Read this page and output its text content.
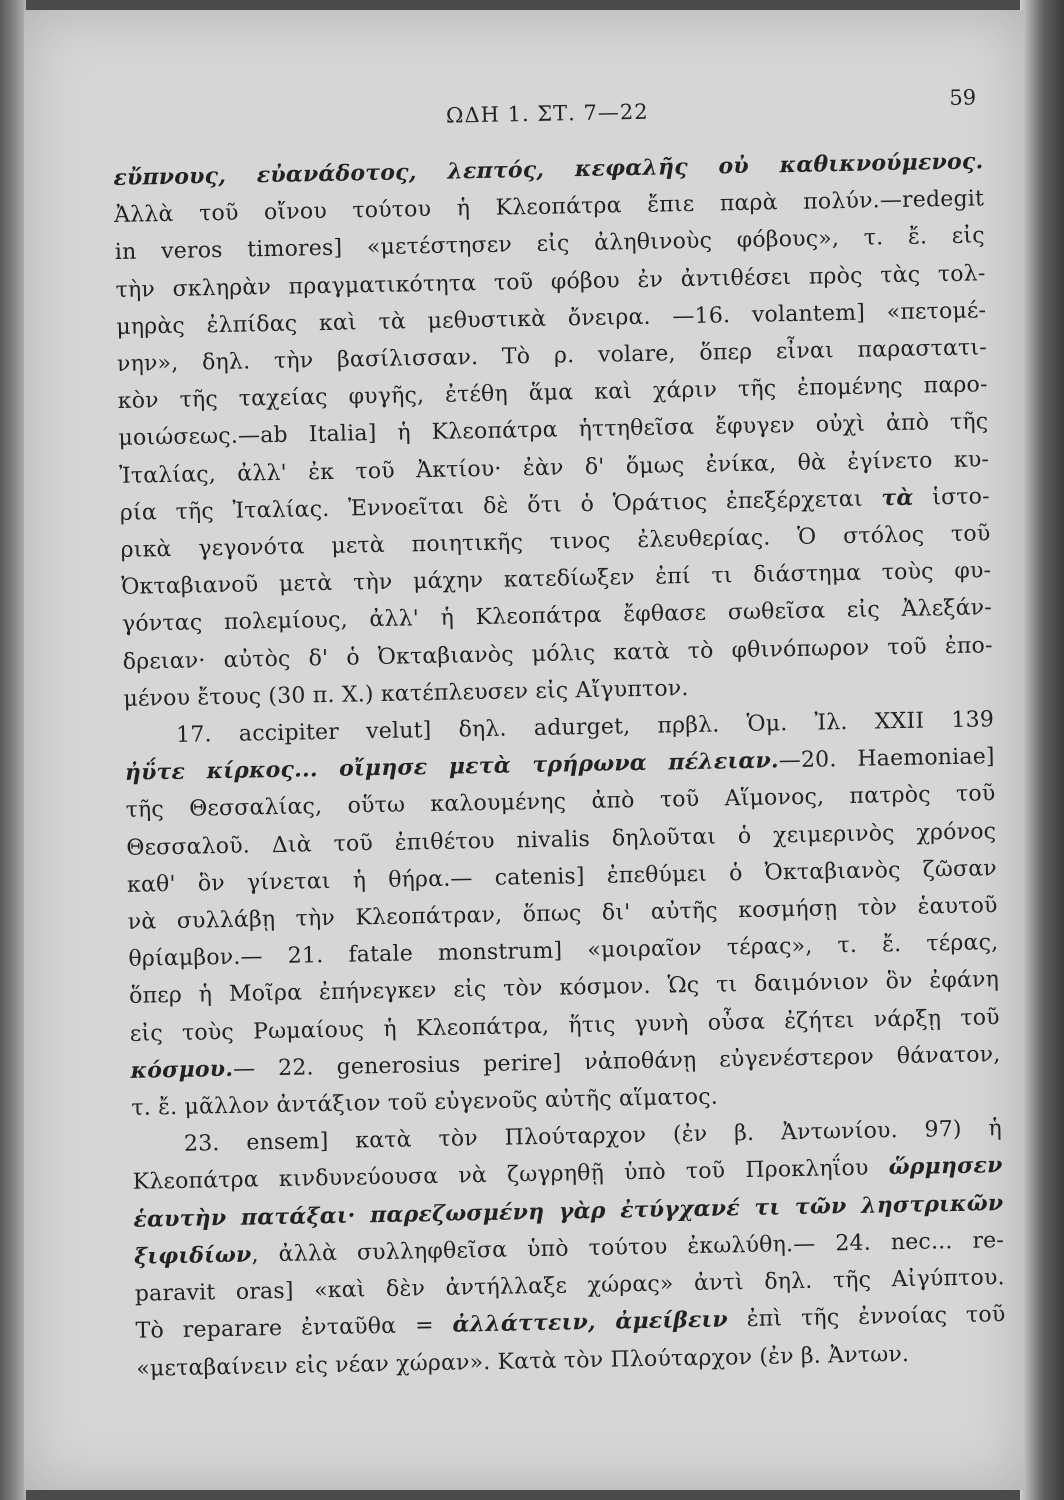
ΩΔΗ 1. ΣΤ. 7—22
59
εὔπνους, εὐανάδοτος, λεπτός, κεφαλῆς οὐ καθικνούμενος.
Ἀλλὰ τοῦ οἴνου τούτου ἡ Κλεοπάτρα ἔπιε παρὰ πολύν.—redegit
in veros timores] «μετέστησεν εἰς ἀληθινοὺς φόβους», τ. ἔ. εἰς
τὴν σκληρὰν πραγματικότητα τοῦ φόβου ἐν ἀντιθέσει πρὸς τὰς τολ-
μηρὰς ἐλπίδας καὶ τὰ μεθυστικὰ ὄνειρα. —16. volantem] «πετομέ-
νην», δηλ. τὴν βασίλισσαν. Τὸ ρ. volare, ὅπερ εἶναι παραστατι-
κὸν τῆς ταχείας φυγῆς, ἐτέθη ἅμα καὶ χάριν τῆς ἐπομένης παρο-
μοιώσεως.—ab Italia] ἡ Κλεοπάτρα ἡττηθεῖσα ἔφυγεν οὐχὶ ἀπὸ τῆς
Ἰταλίας, ἀλλ' ἐκ τοῦ Ἀκτίου· ἐὰν δ' ὅμως ἐνίκα, θὰ ἐγίνετο κυ-
ρία τῆς Ἰταλίας. Ἐννοεῖται δὲ ὅτι ὁ Ὁράτιος ἐπεξέρχεται τὰ ἱστο-
ρικὰ γεγονότα μετὰ ποιητικῆς τινος ἐλευθερίας. Ὁ στόλος τοῦ
Ὀκταβιανοῦ μετὰ τὴν μάχην κατεδίωξεν ἐπί τι διάστημα τοὺς φυ-
γόντας πολεμίους, ἀλλ' ἡ Κλεοπάτρα ἔφθασε σωθεῖσα εἰς Ἀλεξάν-
δρειαν· αὐτὸς δ' ὁ Ὀκταβιανὸς μόλις κατὰ τὸ φθινόπωρον τοῦ ἐπο-
μένου ἔτους (30 π. Χ.) κατέπλευσεν εἰς Αἴγυπτον.
17. accipiter velut] δηλ. adurget, πρβλ. Ὁμ. Ἰλ. XXII 139
ἠΰτε κίρκος... οἴμησε μετὰ τρήρωνα πέλειαν.—20. Haemoniae]
τῆς Θεσσαλίας, οὕτω καλουμένης ἀπὸ τοῦ Αἵμονος, πατρὸς τοῦ
Θεσσαλοῦ. Διὰ τοῦ ἐπιθέτου nivalis δηλοῦται ὁ χειμερινὸς χρόνος
καθ' ὃν γίνεται ἡ θήρα.— catenis] ἐπεθύμει ὁ Ὀκταβιανὸς ζῶσαν
νὰ συλλάβῃ τὴν Κλεοπάτραν, ὅπως δι' αὐτῆς κοσμήσῃ τὸν ἑαυτοῦ
θρίαμβον.— 21. fatale monstrum] «μοιραῖον τέρας», τ. ἔ. τέρας,
ὅπερ ἡ Μοῖρα ἐπήνεγκεν εἰς τὸν κόσμον. Ὡς τι δαιμόνιον ὃν ἐφάνη
εἰς τοὺς Ρωμαίους ἡ Κλεοπάτρα, ἥτις γυνὴ οὖσα ἐζήτει νάρξῃ τοῦ
κόσμου.— 22. generosius perire] νἀποθάνῃ εὐγενέστερον θάνατον,
τ. ἔ. μᾶλλον ἀντάξιον τοῦ εὐγενοῦς αὐτῆς αἵματος.
23. ensem] κατὰ τὸν Πλούταρχον (ἐν β. Ἀντωνίου. 97) ἡ
Κλεοπάτρα κινδυνεύουσα νὰ ζωγρηθῇ ὑπὸ τοῦ Προκληΐου ὥρμησεν
ἑαυτὴν πατάξαι· παρεζωσμένη γὰρ ἐτύγχανέ τι τῶν ληστρικῶν
ξιφιδίων, ἀλλὰ συλληφθεῖσα ὑπὸ τούτου ἐκωλύθη.— 24. nec... re-
paravit oras] «καὶ δὲν ἀντήλλαξε χώρας» ἀντὶ δηλ. τῆς Αἰγύπτου.
Τὸ reparare ἐνταῦθα = ἀλλάττειν, ἀμείβειν ἐπὶ τῆς ἐννοίας τοῦ
«μεταβαίνειν εἰς νέαν χώραν». Κατὰ τὸν Πλούταρχον (ἐν β. Ἀντων.
